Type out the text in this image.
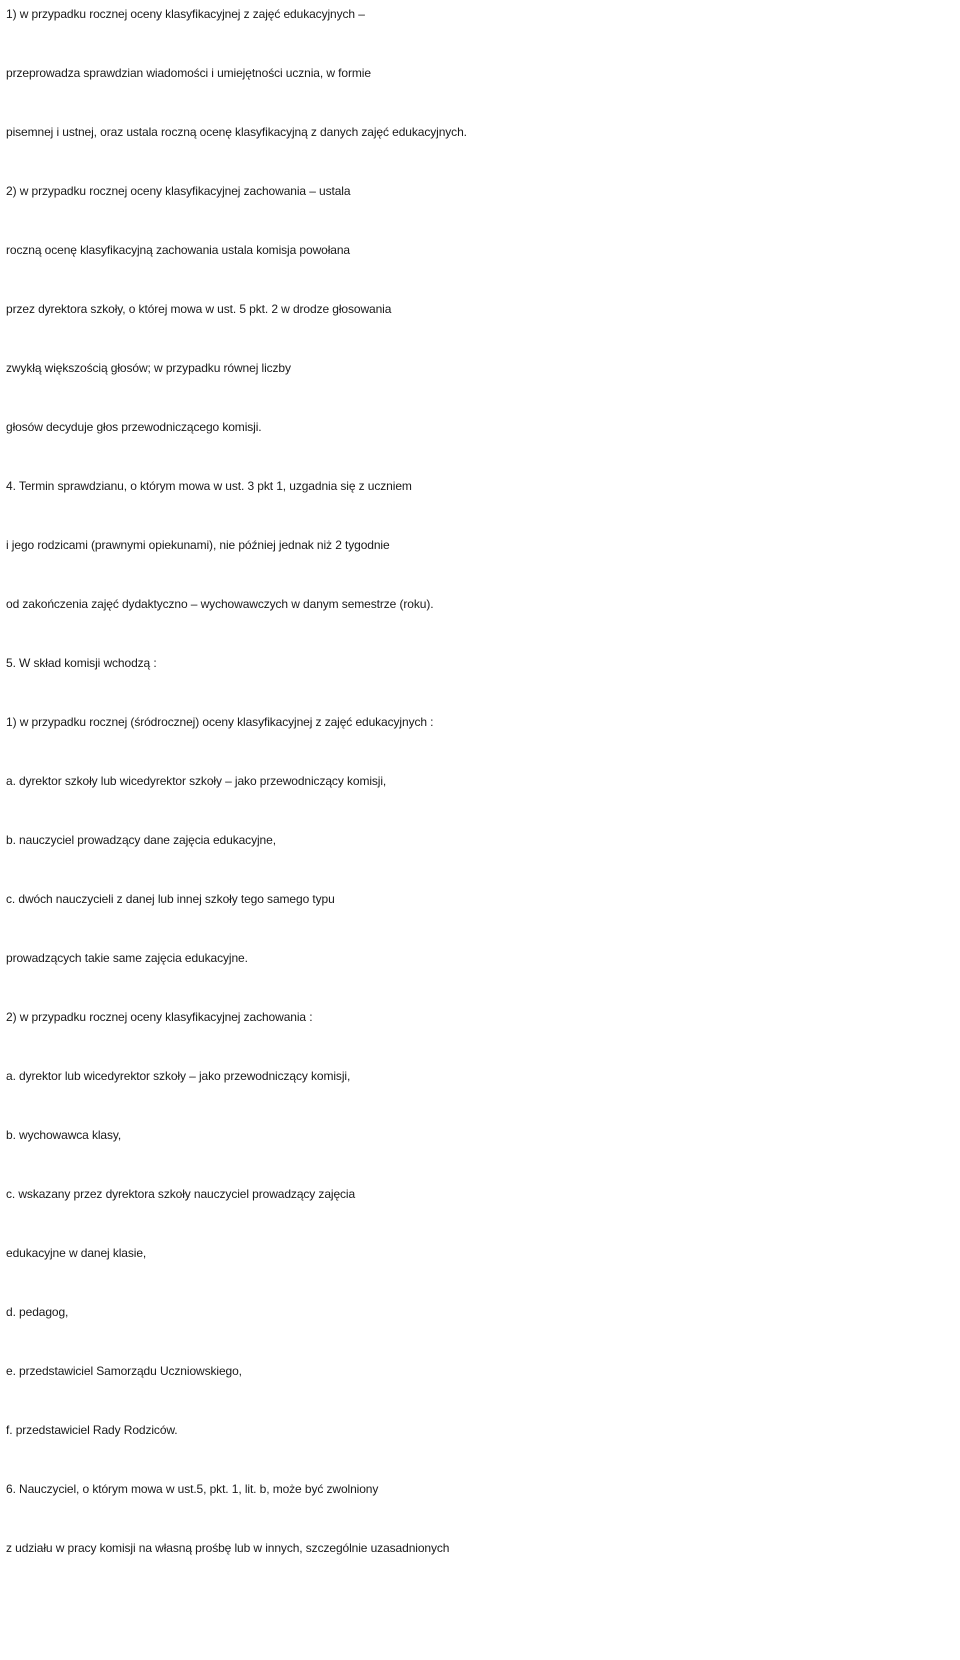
1) w przypadku rocznej oceny klasyfikacyjnej z zajęć edukacyjnych –
przeprowadza sprawdzian wiadomości i umiejętności ucznia, w formie
pisemnej i ustnej, oraz ustala roczną ocenę klasyfikacyjną z danych zajęć edukacyjnych.
2) w przypadku rocznej oceny klasyfikacyjnej zachowania – ustala
roczną ocenę klasyfikacyjną zachowania ustala komisja powołana
przez dyrektora szkoły, o której mowa w ust. 5 pkt. 2 w drodze głosowania
zwykłą większością głosów; w przypadku równej liczby
głosów decyduje głos przewodniczącego komisji.
4. Termin sprawdzianu, o którym mowa w ust. 3 pkt 1, uzgadnia się z uczniem
i jego rodzicami (prawnymi opiekunami), nie później jednak niż 2 tygodnie
od zakończenia zajęć dydaktyczno – wychowawczych w danym semestrze (roku).
5. W skład komisji wchodzą :
1) w przypadku rocznej (śródrocznej) oceny klasyfikacyjnej z zajęć edukacyjnych :
a. dyrektor szkoły lub wicedyrektor szkoły – jako przewodniczący komisji,
b. nauczyciel prowadzący dane zajęcia edukacyjne,
c. dwóch nauczycieli z danej lub innej szkoły tego samego typu
prowadzących takie same zajęcia edukacyjne.
2) w przypadku rocznej oceny klasyfikacyjnej zachowania :
a. dyrektor lub wicedyrektor szkoły – jako przewodniczący komisji,
b. wychowawca klasy,
c. wskazany przez dyrektora szkoły nauczyciel prowadzący zajęcia
edukacyjne w danej klasie,
d. pedagog,
e. przedstawiciel Samorządu Uczniowskiego,
f. przedstawiciel Rady Rodziców.
6. Nauczyciel, o którym mowa w ust.5, pkt. 1, lit. b, może być zwolniony
z udziału w pracy komisji na własną prośbę lub w innych, szczególnie uzasadnionych
